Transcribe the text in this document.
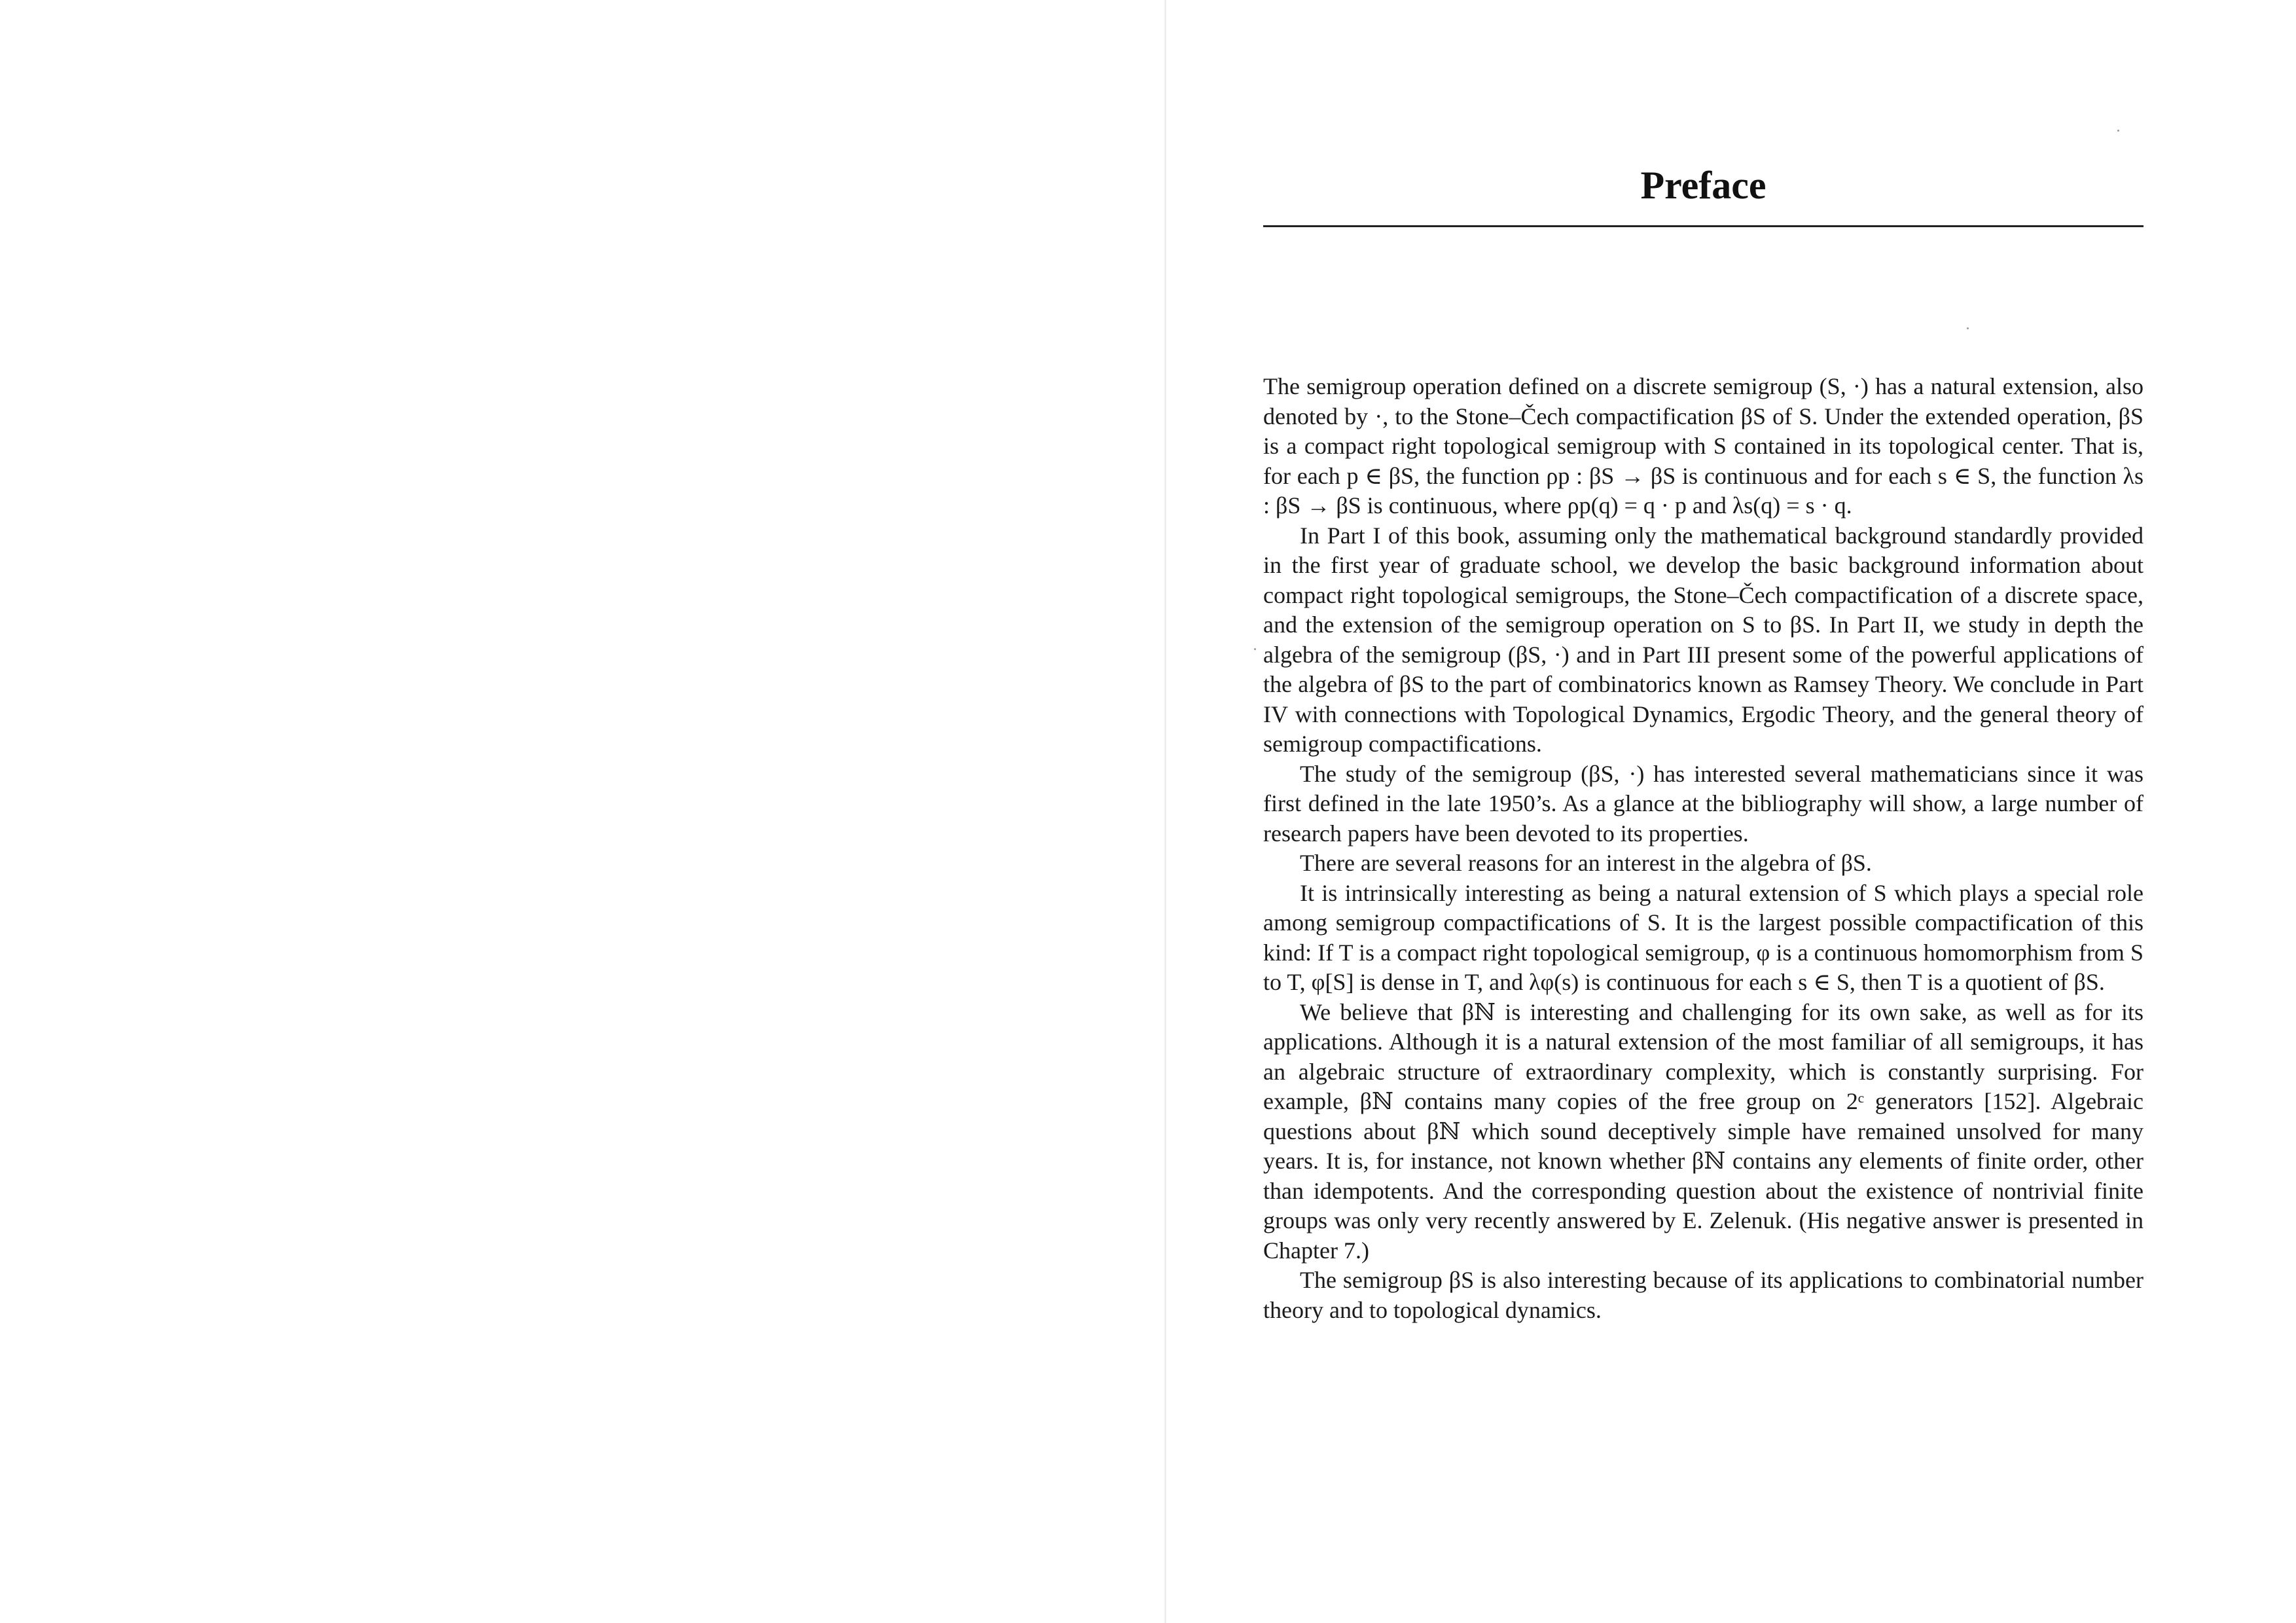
Preface

The semigroup operation defined on a discrete semigroup (S, ·) has a natural extension, also denoted by ·, to the Stone–Čech compactification βS of S. Under the extended operation, βS is a compact right topological semigroup with S contained in its topological center. That is, for each p ∈ βS, the function ρp : βS → βS is continuous and for each s ∈ S, the function λs : βS → βS is continuous, where ρp(q) = q · p and λs(q) = s · q.

In Part I of this book, assuming only the mathematical background standardly provided in the first year of graduate school, we develop the basic background information about compact right topological semigroups, the Stone–Čech compactification of a discrete space, and the extension of the semigroup operation on S to βS. In Part II, we study in depth the algebra of the semigroup (βS, ·) and in Part III present some of the powerful applications of the algebra of βS to the part of combinatorics known as Ramsey Theory. We conclude in Part IV with connections with Topological Dynamics, Ergodic Theory, and the general theory of semigroup compactifications.

The study of the semigroup (βS, ·) has interested several mathematicians since it was first defined in the late 1950’s. As a glance at the bibliography will show, a large number of research papers have been devoted to its properties.

There are several reasons for an interest in the algebra of βS.

It is intrinsically interesting as being a natural extension of S which plays a special role among semigroup compactifications of S. It is the largest possible compactification of this kind: If T is a compact right topological semigroup, φ is a continuous homomorphism from S to T, φ[S] is dense in T, and λφ(s) is continuous for each s ∈ S, then T is a quotient of βS.

We believe that βℕ is interesting and challenging for its own sake, as well as for its applications. Although it is a natural extension of the most familiar of all semigroups, it has an algebraic structure of extraordinary complexity, which is constantly surprising. For example, βℕ contains many copies of the free group on 2ᶜ generators [152]. Algebraic questions about βℕ which sound deceptively simple have remained unsolved for many years. It is, for instance, not known whether βℕ contains any elements of finite order, other than idempotents. And the corresponding question about the existence of nontrivial finite groups was only very recently answered by E. Zelenuk. (His negative answer is presented in Chapter 7.)

The semigroup βS is also interesting because of its applications to combinatorial number theory and to topological dynamics.
